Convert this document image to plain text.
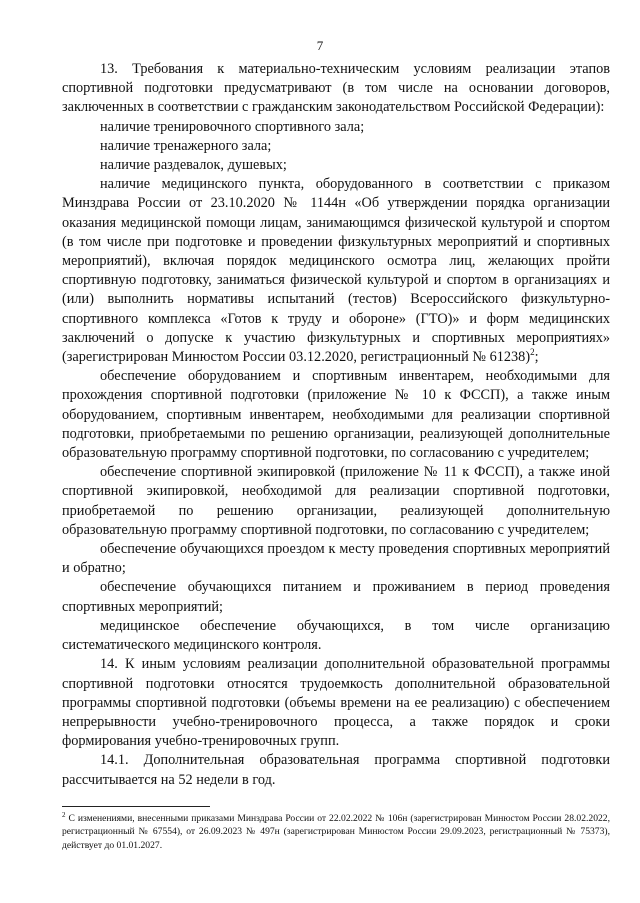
7

13. Требования к материально-техническим условиям реализации этапов спортивной подготовки предусматривают (в том числе на основании договоров, заключенных в соответствии с гражданским законодательством Российской Федерации):

наличие тренировочного спортивного зала;

наличие тренажерного зала;

наличие раздевалок, душевых;

наличие медицинского пункта, оборудованного в соответствии с приказом Минздрава России от 23.10.2020 № 1144н «Об утверждении порядка организации оказания медицинской помощи лицам, занимающимся физической культурой и спортом (в том числе при подготовке и проведении физкультурных мероприятий и спортивных мероприятий), включая порядок медицинского осмотра лиц, желающих пройти спортивную подготовку, заниматься физической культурой и спортом в организациях и (или) выполнить нормативы испытаний (тестов) Всероссийского физкультурно-спортивного комплекса «Готов к труду и обороне» (ГТО)» и форм медицинских заключений о допуске к участию физкультурных и спортивных мероприятиях» (зарегистрирован Минюстом России 03.12.2020, регистрационный № 61238)$^2$;

обеспечение оборудованием и спортивным инвентарем, необходимыми для прохождения спортивной подготовки (приложение № 10 к ФССП), а также иным оборудованием, спортивным инвентарем, необходимыми для реализации спортивной подготовки, приобретаемыми по решению организации, реализующей дополнительные образовательную программу спортивной подготовки, по согласованию с учредителем;

обеспечение спортивной экипировкой (приложение № 11 к ФССП), а также иной спортивной экипировкой, необходимой для реализации спортивной подготовки, приобретаемой по решению организации, реализующей дополнительную образовательную программу спортивной подготовки, по согласованию с учредителем;

обеспечение обучающихся проездом к месту проведения спортивных мероприятий и обратно;

обеспечение обучающихся питанием и проживанием в период проведения спортивных мероприятий;

медицинское обеспечение обучающихся, в том числе организацию систематического медицинского контроля.

14. К иным условиям реализации дополнительной образовательной программы спортивной подготовки относятся трудоемкость дополнительной образовательной программы спортивной подготовки (объемы времени на ее реализацию) с обеспечением непрерывности учебно-тренировочного процесса, а также порядок и сроки формирования учебно-тренировочных групп.

14.1. Дополнительная образовательная программа спортивной подготовки рассчитывается на 52 недели в год.

$^2$ С изменениями, внесенными приказами Минздрава России от 22.02.2022 № 106н (зарегистрирован Минюстом России 28.02.2022, регистрационный № 67554), от 26.09.2023 № 497н (зарегистрирован Минюстом России 29.09.2023, регистрационный № 75373), действует до 01.01.2027.
